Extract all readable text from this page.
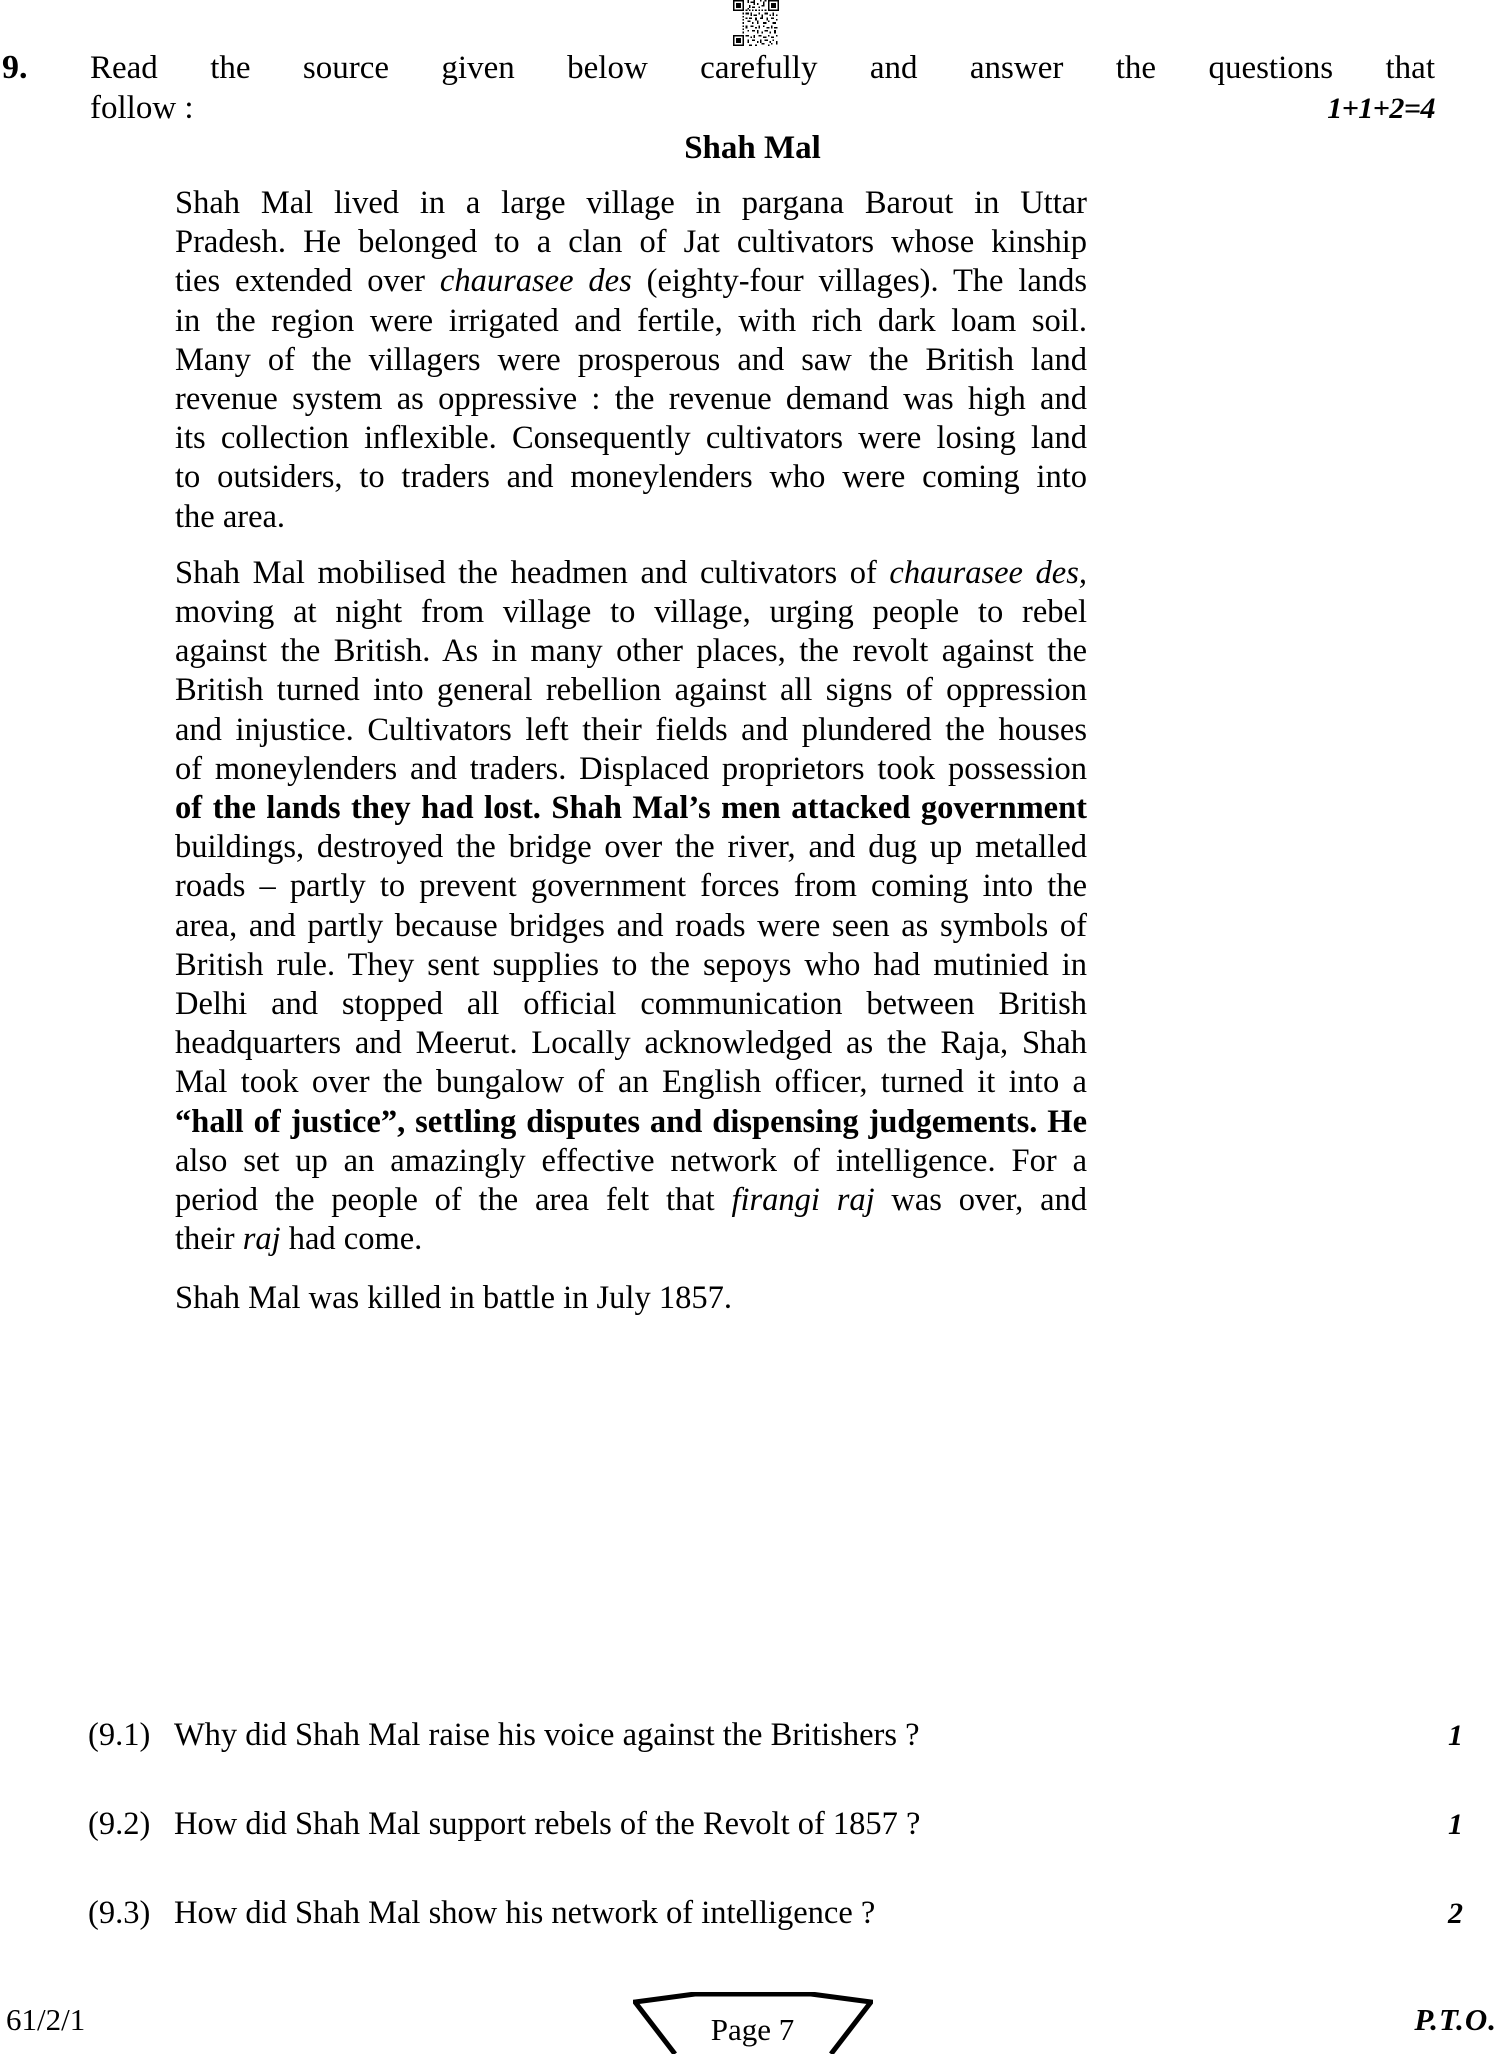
9.	Read  the  source  given  below  carefully  and  answer  the  questions  that
follow :	1+1+2=4
Shah Mal

Shah Mal lived in a large village in pargana Barout in Uttar
Pradesh. He belonged to a clan of Jat cultivators whose kinship
ties extended over chaurasee des (eighty-four villages). The lands
in the region were irrigated and fertile, with rich dark loam soil.
Many of the villagers were prosperous and saw the British land
revenue system as oppressive : the revenue demand was high and
its collection inflexible. Consequently cultivators were losing land
to outsiders, to traders and moneylenders who were coming into
the area.

Shah Mal mobilised the headmen and cultivators of chaurasee des,
moving at night from village to village, urging people to rebel
against the British. As in many other places, the revolt against the
British turned into general rebellion against all signs of oppression
and injustice. Cultivators left their fields and plundered the houses
of moneylenders and traders. Displaced proprietors took possession
of the lands they had lost. Shah Mal’s men attacked government
buildings, destroyed the bridge over the river, and dug up metalled
roads – partly to prevent government forces from coming into the
area, and partly because bridges and roads were seen as symbols of
British rule. They sent supplies to the sepoys who had mutinied in
Delhi and stopped all official communication between British
headquarters and Meerut. Locally acknowledged as the Raja, Shah
Mal took over the bungalow of an English officer, turned it into a
“hall of justice”, settling disputes and dispensing judgements. He
also set up an amazingly effective network of intelligence. For a
period the people of the area felt that firangi raj was over, and
their raj had come.

Shah Mal was killed in battle in July 1857.

(9.1) Why did Shah Mal raise his voice against the Britishers ?	1
(9.2) How did Shah Mal support rebels of the Revolt of 1857 ?	1
(9.3) How did Shah Mal show his network of intelligence ?	2
61/2/1	Page 7	P.T.O.
